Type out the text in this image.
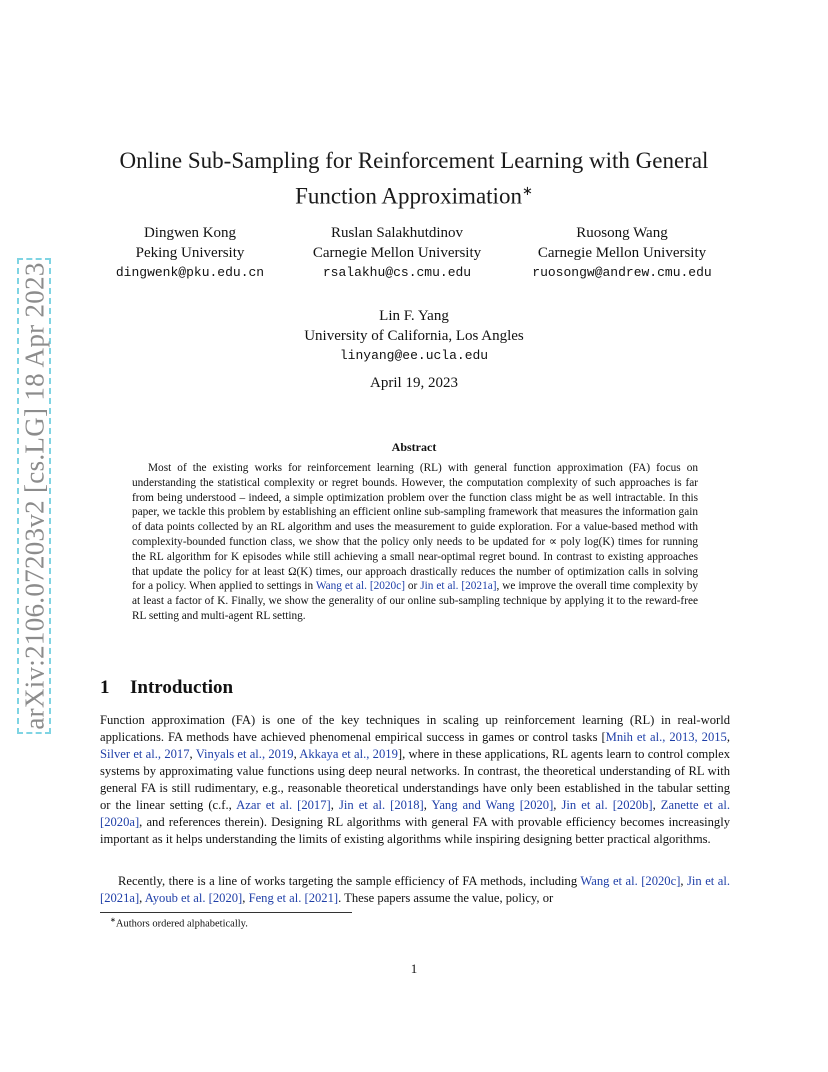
arXiv:2106.07203v2 [cs.LG] 18 Apr 2023
Online Sub-Sampling for Reinforcement Learning with General Function Approximation∗
Dingwen Kong
Peking University
dingwenk@pku.edu.cn
Ruslan Salakhutdinov
Carnegie Mellon University
rsalakhu@cs.cmu.edu
Ruosong Wang
Carnegie Mellon University
ruosongw@andrew.cmu.edu
Lin F. Yang
University of California, Los Angles
linyang@ee.ucla.edu
April 19, 2023
Abstract

Most of the existing works for reinforcement learning (RL) with general function approximation (FA) focus on understanding the statistical complexity or regret bounds. However, the computation complexity of such approaches is far from being understood – indeed, a simple optimization problem over the function class might be as well intractable. In this paper, we tackle this problem by establishing an efficient online sub-sampling framework that measures the information gain of data points collected by an RL algorithm and uses the measurement to guide exploration. For a value-based method with complexity-bounded function class, we show that the policy only needs to be updated for ∝ poly log(K) times for running the RL algorithm for K episodes while still achieving a small near-optimal regret bound. In contrast to existing approaches that update the policy for at least Ω(K) times, our approach drastically reduces the number of optimization calls in solving for a policy. When applied to settings in Wang et al. [2020c] or Jin et al. [2021a], we improve the overall time complexity by at least a factor of K. Finally, we show the generality of our online sub-sampling technique by applying it to the reward-free RL setting and multi-agent RL setting.

1 Introduction

Function approximation (FA) is one of the key techniques in scaling up reinforcement learning (RL) in real-world applications. FA methods have achieved phenomenal empirical success in games or control tasks [Mnih et al., 2013, 2015, Silver et al., 2017, Vinyals et al., 2019, Akkaya et al., 2019], where in these applications, RL agents learn to control complex systems by approximating value functions using deep neural networks. In contrast, the theoretical understanding of RL with general FA is still rudimentary, e.g., reasonable theoretical understandings have only been established in the tabular setting or the linear setting (c.f., Azar et al. [2017], Jin et al. [2018], Yang and Wang [2020], Jin et al. [2020b], Zanette et al. [2020a], and references therein). Designing RL algorithms with general FA with provable efficiency becomes increasingly important as it helps understanding the limits of existing algorithms while inspiring designing better practical algorithms.

Recently, there is a line of works targeting the sample efficiency of FA methods, including Wang et al. [2020c], Jin et al. [2021a], Ayoub et al. [2020], Feng et al. [2021]. These papers assume the value, policy, or

∗Authors ordered alphabetically.
1
